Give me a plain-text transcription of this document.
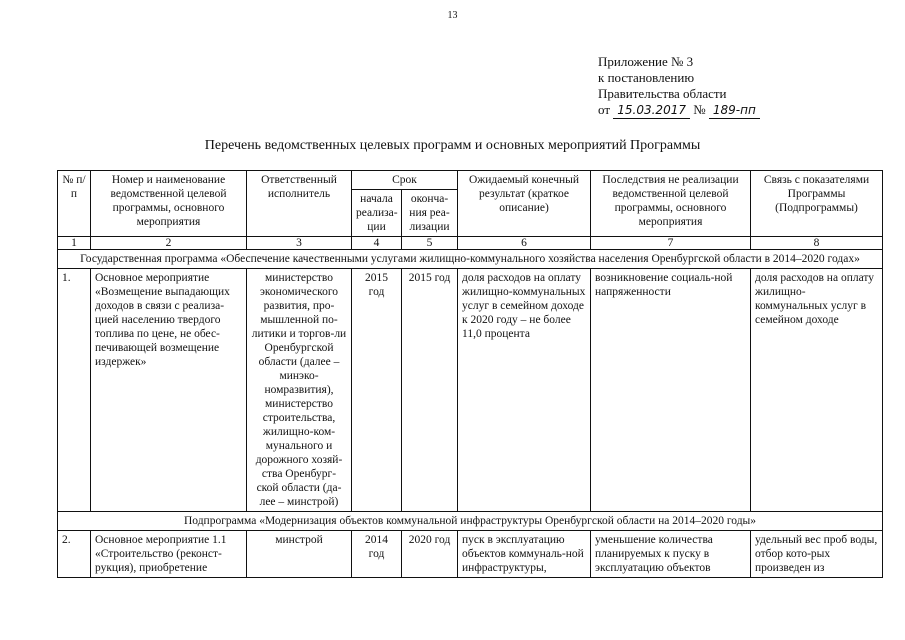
13
Приложение № 3
к постановлению
Правительства области
от 15.03.2017 № 189-пп
Перечень ведомственных целевых программ и основных мероприятий Программы
№ п/п	Номер и наименование ведомственной целевой программы, основного мероприятия	Ответственный исполнитель	Срок		Ожидаемый конечный результат (краткое описание)	Последствия не реализации ведомственной целевой программы, основного мероприятия	Связь с показателями Программы (Подпрограммы)
			начала реализа-ции	оконча-ния реа-лизации			
1	2	3	4	5	6	7	8
Государственная программа «Обеспечение качественными услугами жилищно-коммунального хозяйства населения Оренбургской области в 2014–2020 годах»							
1.	Основное мероприятие «Возмещение выпадающих доходов в связи с реализа-цией населению твердого топлива по цене, не обес-печивающей возмещение издержек»	министерство экономического развития, про-мышленной по-литики и торгов-ли Оренбургской области (далее – минэко-номразвития), министерство строительства, жилищно-ком-мунального и дорожного хозяй-ства Оренбург-ской области (да-лее – минстрой)	2015 год	2015 год	доля расходов на оплату жилищно-коммунальных услуг в семейном доходе к 2020 году – не более 11,0 процента	возникновение социаль-ной напряженности	доля расходов на оплату жилищно-коммунальных услуг в семейном доходе
Подпрограмма «Модернизация объектов коммунальной инфраструктуры Оренбургской области на 2014–2020 годы»							
2.	Основное мероприятие 1.1 «Строительство (реконст-рукция), приобретение	минстрой	2014 год	2020 год	пуск в эксплуатацию объектов коммуналь-ной инфраструктуры,	уменьшение количества планируемых к пуску в эксплуатацию объектов	удельный вес проб воды, отбор кото-рых произведен из
